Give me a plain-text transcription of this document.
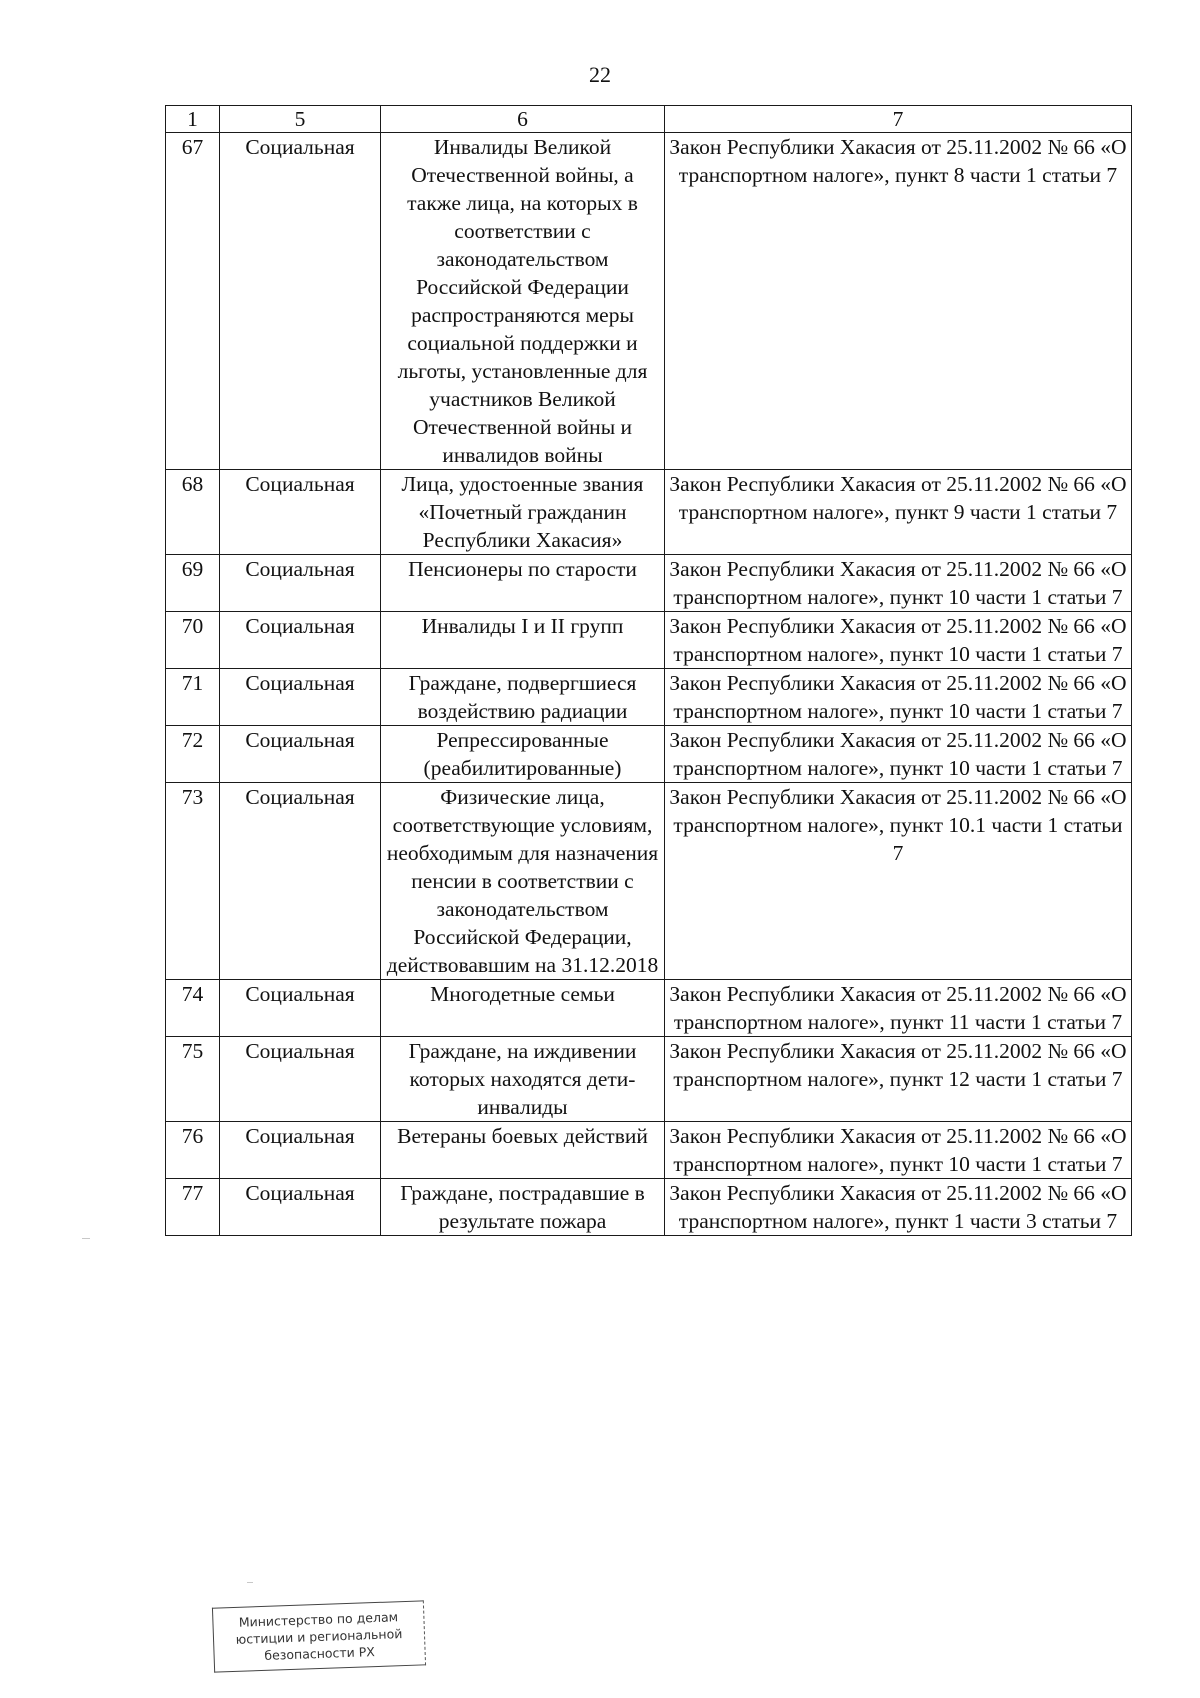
22
1	5	6	7
67	Социальная	Инвалиды Великой Отечественной войны, а также лица, на которых в соответствии с законодательством Российской Федерации распространяются меры социальной поддержки и льготы, установленные для участников Великой Отечественной войны и инвалидов войны	Закон Республики Хакасия от 25.11.2002 № 66 «О транспортном налоге», пункт 8 части 1 статьи 7
68	Социальная	Лица, удостоенные звания «Почетный гражданин Республики Хакасия»	Закон Республики Хакасия от 25.11.2002 № 66 «О транспортном налоге», пункт 9 части 1 статьи 7
69	Социальная	Пенсионеры по старости	Закон Республики Хакасия от 25.11.2002 № 66 «О транспортном налоге», пункт 10 части 1 статьи 7
70	Социальная	Инвалиды I и II групп	Закон Республики Хакасия от 25.11.2002 № 66 «О транспортном налоге», пункт 10 части 1 статьи 7
71	Социальная	Граждане, подвергшиеся воздействию радиации	Закон Республики Хакасия от 25.11.2002 № 66 «О транспортном налоге», пункт 10 части 1 статьи 7
72	Социальная	Репрессированные (реабилитированные)	Закон Республики Хакасия от 25.11.2002 № 66 «О транспортном налоге», пункт 10 части 1 статьи 7
73	Социальная	Физические лица, соответствующие условиям, необходимым для назначения пенсии в соответствии с законодательством Российской Федерации, действовавшим на 31.12.2018	Закон Республики Хакасия от 25.11.2002 № 66 «О транспортном налоге», пункт 10.1 части 1 статьи 7
74	Социальная	Многодетные семьи	Закон Республики Хакасия от 25.11.2002 № 66 «О транспортном налоге», пункт 11 части 1 статьи 7
75	Социальная	Граждане, на иждивении которых находятся дети-инвалиды	Закон Республики Хакасия от 25.11.2002 № 66 «О транспортном налоге», пункт 12 части 1 статьи 7
76	Социальная	Ветераны боевых действий	Закон Республики Хакасия от 25.11.2002 № 66 «О транспортном налоге», пункт 10 части 1 статьи 7
77	Социальная	Граждане, пострадавшие в результате пожара	Закон Республики Хакасия от 25.11.2002 № 66 «О транспортном налоге», пункт 1 части 3 статьи 7
Министерство по делам
юстиции и региональной
безопасности РХ
